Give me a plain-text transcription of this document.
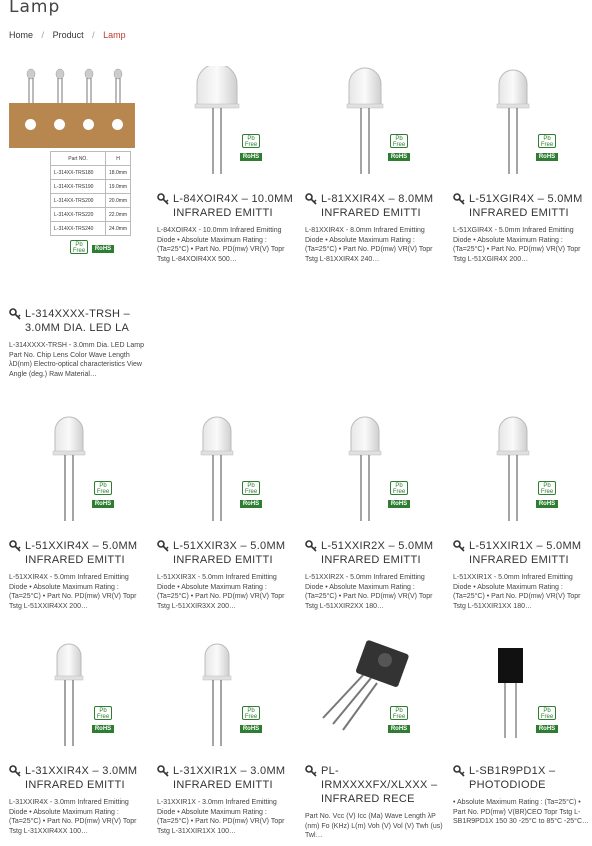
Lamp
Home / Product / Lamp
Part NO.	H
L-314XX-TRS180	18.0mm
L-314XX-TRS190	19.0mm
L-314XX-TRS200	20.0mm
L-314XX-TRS220	22.0mm
L-314XX-TRS240	24.0mm
Pb
Free	RoHS
Pb
Free
RoHS
L-84XOIR4X – 10.0MM INFRARED EMITTI
L-84XOIR4X - 10.0mm Infrared Emitting Diode • Absolute Maximum Rating : (Ta=25°C) • Part No. PD(mw) VR(V) Topr Tstg L-84XOIR4XX 500…
Pb
Free
RoHS
L-81XXIR4X – 8.0MM INFRARED EMITTI
L-81XXIR4X - 8.0mm Infrared Emitting Diode • Absolute Maximum Rating : (Ta=25°C) • Part No. PD(mw) VR(V) Topr Tstg L-81XXIR4X 240…
Pb
Free
RoHS
L-51XGIR4X – 5.0MM INFRARED EMITTI
L-51XGIR4X - 5.0mm Infrared Emitting Diode • Absolute Maximum Rating : (Ta=25°C) • Part No. PD(mw) VR(V) Topr Tstg L-51XGIR4X 200…
L-314XXXX-TRSH – 3.0MM DIA. LED LA
L-314XXXX-TRSH - 3.0mm Dia. LED Lamp Part No. Chip Lens Color Wave Length λD(nm) Electro-optical characteristics View Angle (deg.) Raw Material…
Pb
Free
RoHS
L-51XXIR4X – 5.0MM INFRARED EMITTI
L-51XXIR4X - 5.0mm Infrared Emitting Diode • Absolute Maximum Rating : (Ta=25°C) • Part No. PD(mw) VR(V) Topr Tstg L-51XXIR4XX 200…
Pb
Free
RoHS
L-51XXIR3X – 5.0MM INFRARED EMITTI
L-51XXIR3X - 5.0mm Infrared Emitting Diode • Absolute Maximum Rating : (Ta=25°C) • Part No. PD(mw) VR(V) Topr Tstg L-51XXIR3XX 200…
Pb
Free
RoHS
L-51XXIR2X – 5.0MM INFRARED EMITTI
L-51XXIR2X - 5.0mm Infrared Emitting Diode • Absolute Maximum Rating : (Ta=25°C) • Part No. PD(mw) VR(V) Topr Tstg L-51XXIR2XX 180…
Pb
Free
RoHS
L-51XXIR1X – 5.0MM INFRARED EMITTI
L-51XXIR1X - 5.0mm Infrared Emitting Diode • Absolute Maximum Rating : (Ta=25°C) • Part No. PD(mw) VR(V) Topr Tstg L-51XXIR1XX 180…
Pb
Free
RoHS
L-31XXIR4X – 3.0MM INFRARED EMITTI
L-31XXIR4X - 3.0mm Infrared Emitting Diode • Absolute Maximum Rating : (Ta=25°C) • Part No. PD(mw) VR(V) Topr Tstg L-31XXIR4XX 100…
Pb
Free
RoHS
L-31XXIR1X – 3.0MM INFRARED EMITTI
L-31XXIR1X - 3.0mm Infrared Emitting Diode • Absolute Maximum Rating : (Ta=25°C) • Part No. PD(mw) VR(V) Topr Tstg L-31XXIR1XX 100…
Pb
Free
RoHS
PL-IRMXXXXFX/XLXXX – INFRARED RECE
Part No. Vcc (V) Icc (Ma) Wave Length λP (nm) Fo (KHz) L(m) Voh (V) Vol (V) Twh (us) Twl…
Pb
Free
RoHS
L-SB1R9PD1X – PHOTODIODE
• Absolute Maximum Rating : (Ta=25°C) • Part No. PD(mw) V(BR)CEO Topr Tstg L-SB1R9PD1X 150 30 -25°C to 85°C -25°C…
